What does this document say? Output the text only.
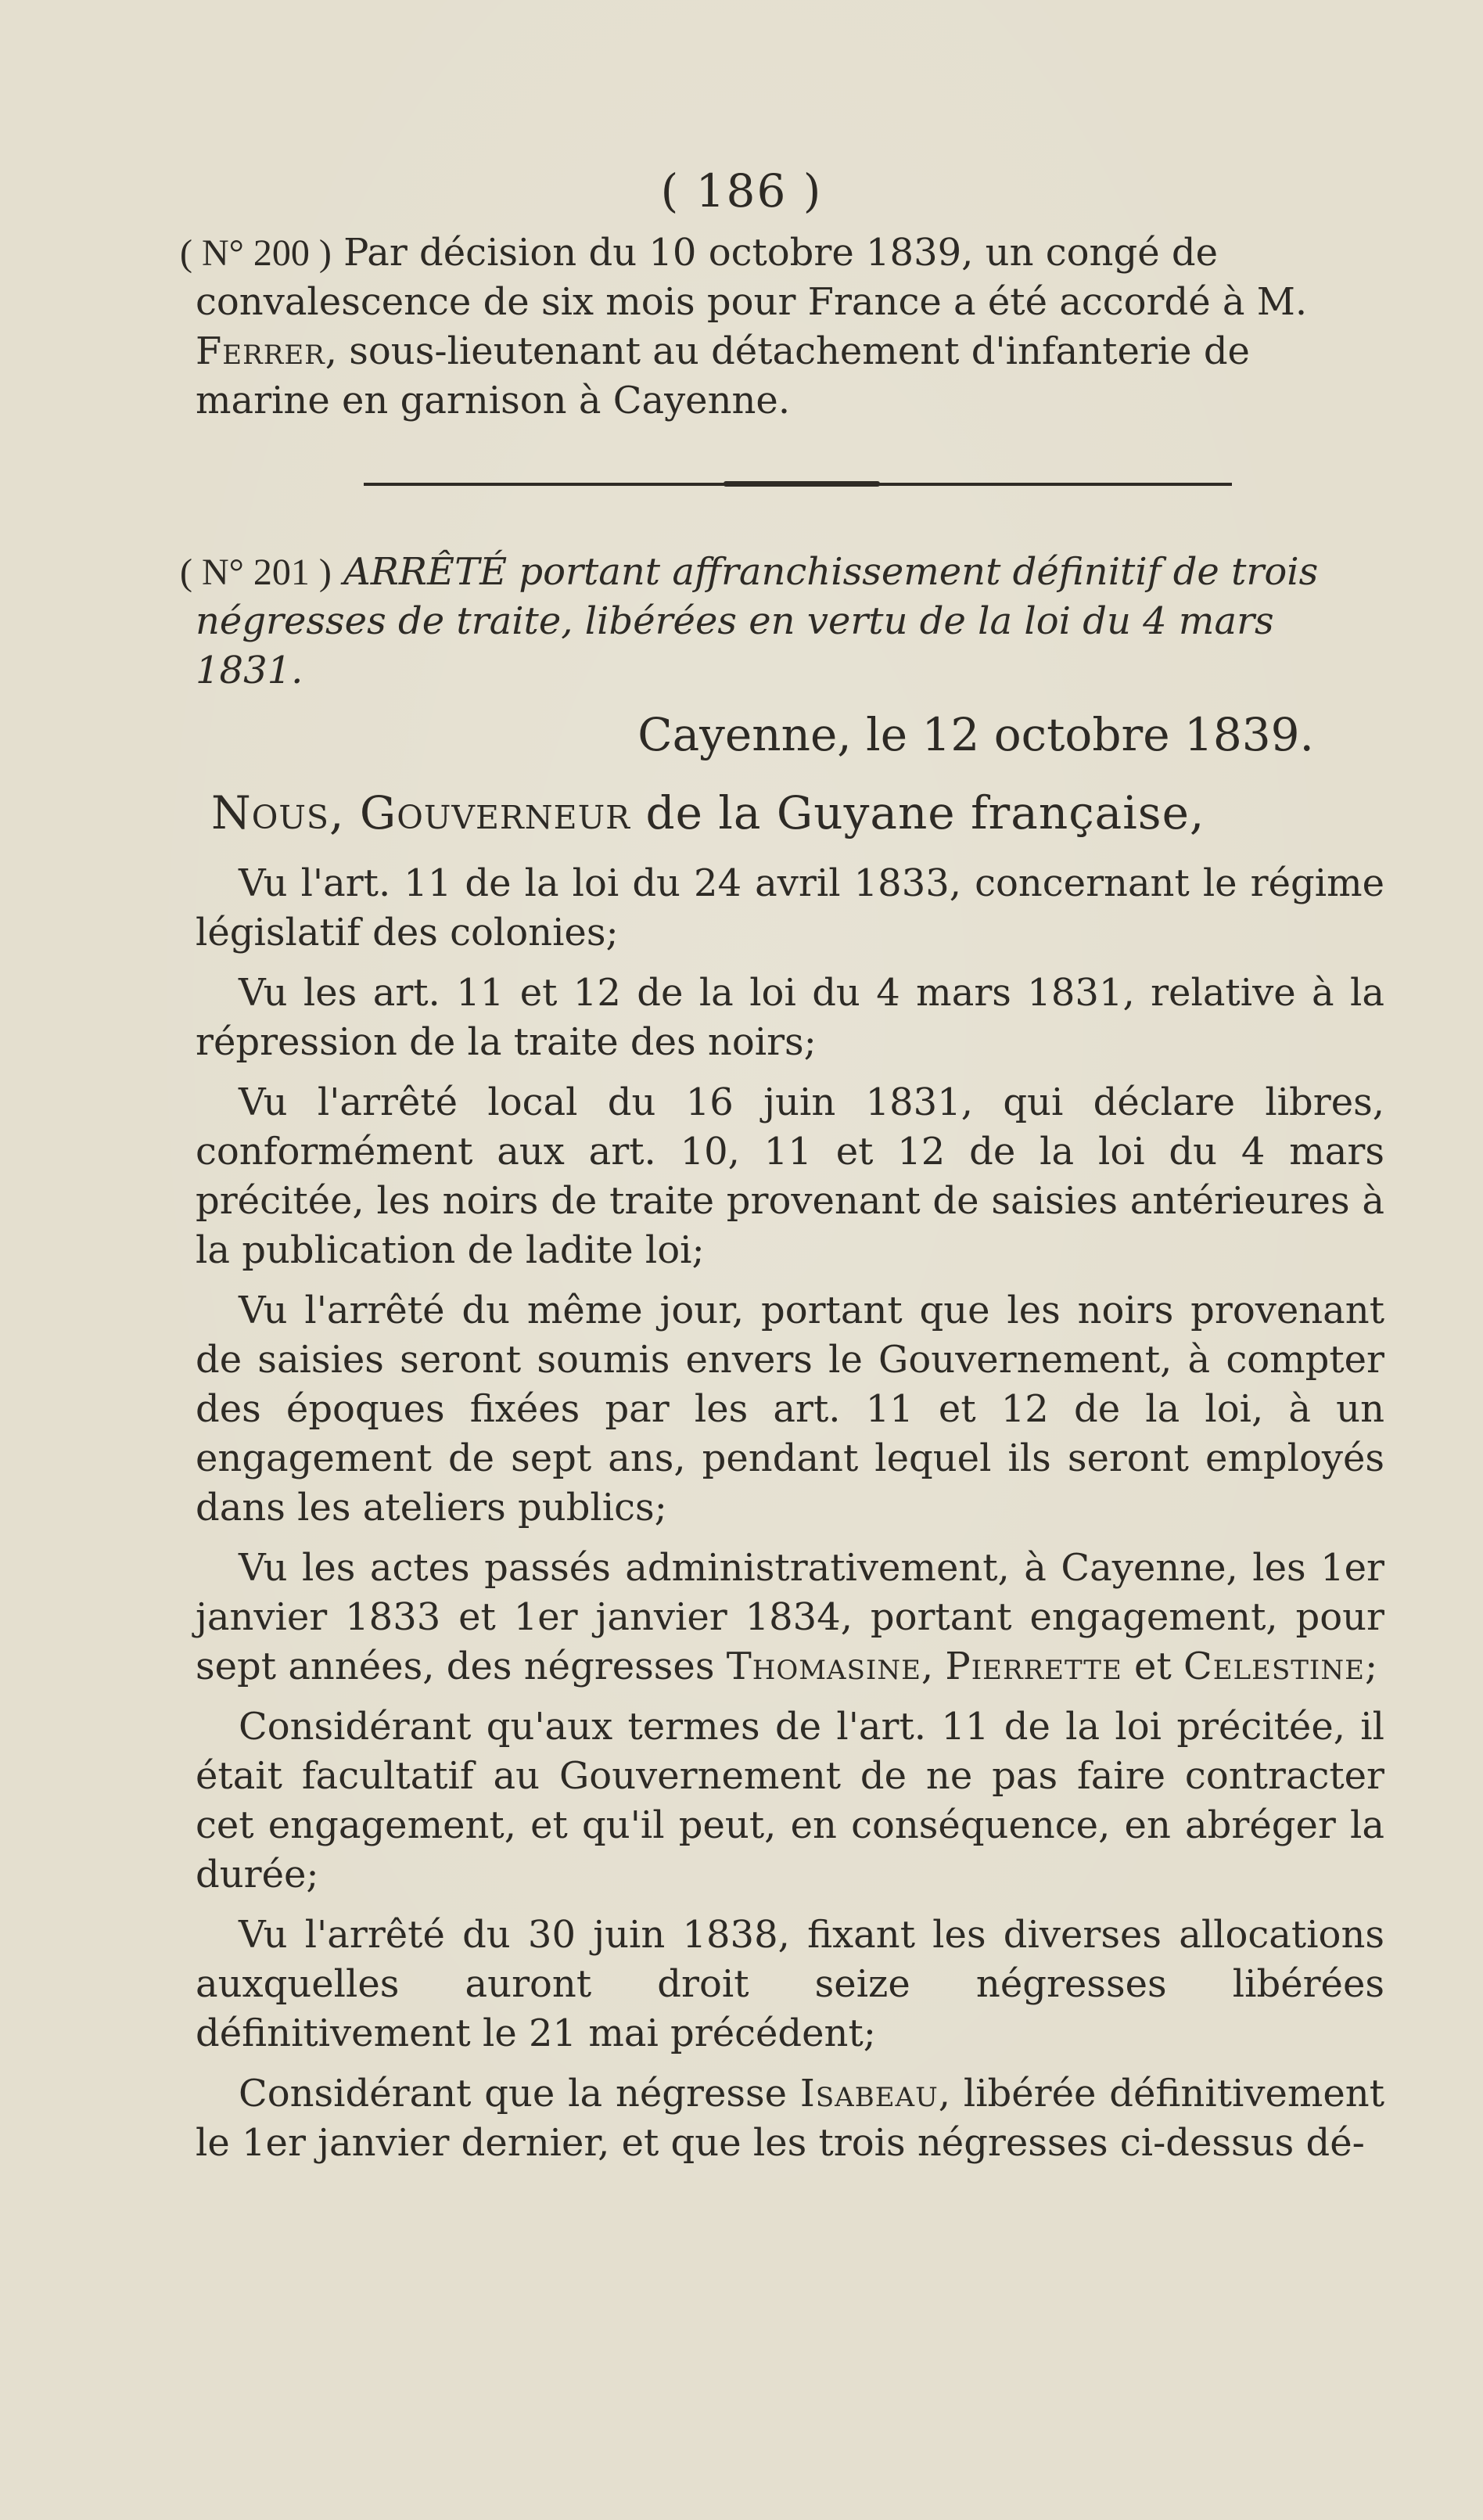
( 186 )
( N° 200 ) Par décision du 10 octobre 1839, un congé de convalescence de six mois pour France a été accordé à M. Ferrer, sous-lieutenant au détachement d'infanterie de marine en garnison à Cayenne.
( N° 201 ) ARRÊTÉ portant affranchissement définitif de trois négresses de traite, libérées en vertu de la loi du 4 mars 1831.
Cayenne, le 12 octobre 1839.
Nous, Gouverneur de la Guyane française,

Vu l'art. 11 de la loi du 24 avril 1833, concernant le régime législatif des colonies;

Vu les art. 11 et 12 de la loi du 4 mars 1831, relative à la répression de la traite des noirs;

Vu l'arrêté local du 16 juin 1831, qui déclare libres, conformément aux art. 10, 11 et 12 de la loi du 4 mars précitée, les noirs de traite provenant de saisies antérieures à la publication de ladite loi;

Vu l'arrêté du même jour, portant que les noirs provenant de saisies seront soumis envers le Gouvernement, à compter des époques fixées par les art. 11 et 12 de la loi, à un engagement de sept ans, pendant lequel ils seront employés dans les ateliers publics;

Vu les actes passés administrativement, à Cayenne, les 1er janvier 1833 et 1er janvier 1834, portant engagement, pour sept années, des négresses Thomasine, Pierrette et Celestine;

Considérant qu'aux termes de l'art. 11 de la loi précitée, il était facultatif au Gouvernement de ne pas faire contracter cet engagement, et qu'il peut, en conséquence, en abréger la durée;

Vu l'arrêté du 30 juin 1838, fixant les diverses allocations auxquelles auront droit seize négresses libérées définitivement le 21 mai précédent;

Considérant que la négresse Isabeau, libérée définitivement le 1er janvier dernier, et que les trois négresses ci-dessus dé-
